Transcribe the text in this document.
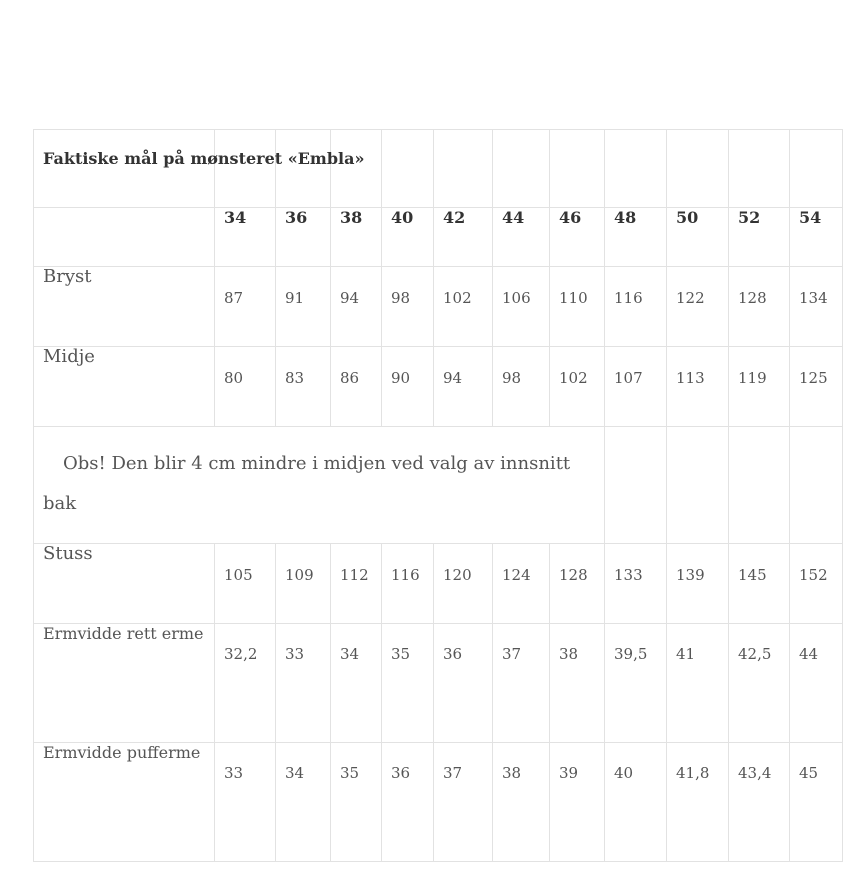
Faktiske mål på mønsteret «Embla»											
	34	36	38	40	42	44	46	48	50	52	54
Bryst	87	91	94	98	102	106	110	116	122	128	134
Midje	80	83	86	90	94	98	102	107	113	119	125
Obs! Den blir 4 cm mindre i midjen ved valg av innsnitt bak											
Stuss	105	109	112	116	120	124	128	133	139	145	152
Ermvidde rett erme	32,2	33	34	35	36	37	38	39,5	41	42,5	44
Ermvidde pufferme	33	34	35	36	37	38	39	40	41,8	43,4	45
